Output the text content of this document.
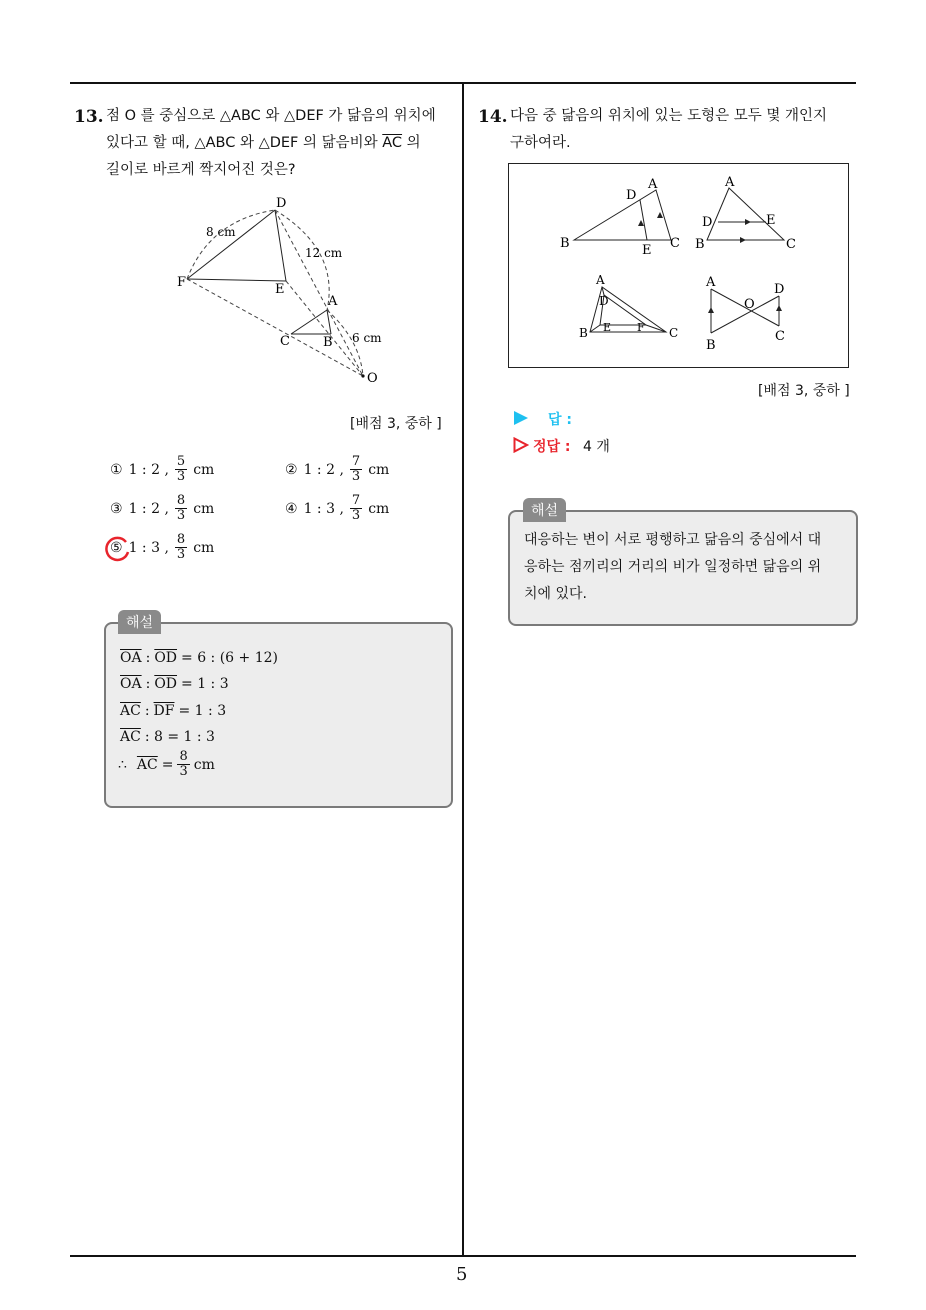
13. 점 O 를 중심으로 △ABC 와 △DEF 가 닮음의 위치에
있다고 할 때, △ABC 와 △DEF 의 닮음비와 $\overline{AC}$ 의
길이로 바르게 짝지어진 것은?
D
F	E
A
C	B
O
8 cm
12 cm
6 cm
[배점 3, 중하 ]
① 1 : 2 , $\frac{5}{3}$ cm	② 1 : 2 , $\frac{7}{3}$ cm
③ 1 : 2 , $\frac{8}{3}$ cm	④ 1 : 3 , $\frac{7}{3}$ cm
⑤ 1 : 3 , $\frac{8}{3}$ cm
해설
$\overline{OA}$ : $\overline{OD} = 6$ : (6 + 12)
$\overline{OA}$ : $\overline{OD} = 1$ : 3
$\overline{AC}$ : $\overline{DF} = 1$ : 3
$\overline{AC}$ : 8 = 1 : 3
∴ $\overline{AC} = \frac{8}{3}$ cm
14. 다음 중 닮음의 위치에 있는 도형은 모두 몇 개인지
구하여라.
D
A
B	E C
A
D	E
B	C
A
D
B E F C
A	D
O
B
C
[배점 3, 중하 ]
답 :
정답 : 4 개
해설
대응하는 변이 서로 평행하고 닮음의 중심에서 대
응하는 점끼리의 거리의 비가 일정하면 닮음의 위
치에 있다.
5
